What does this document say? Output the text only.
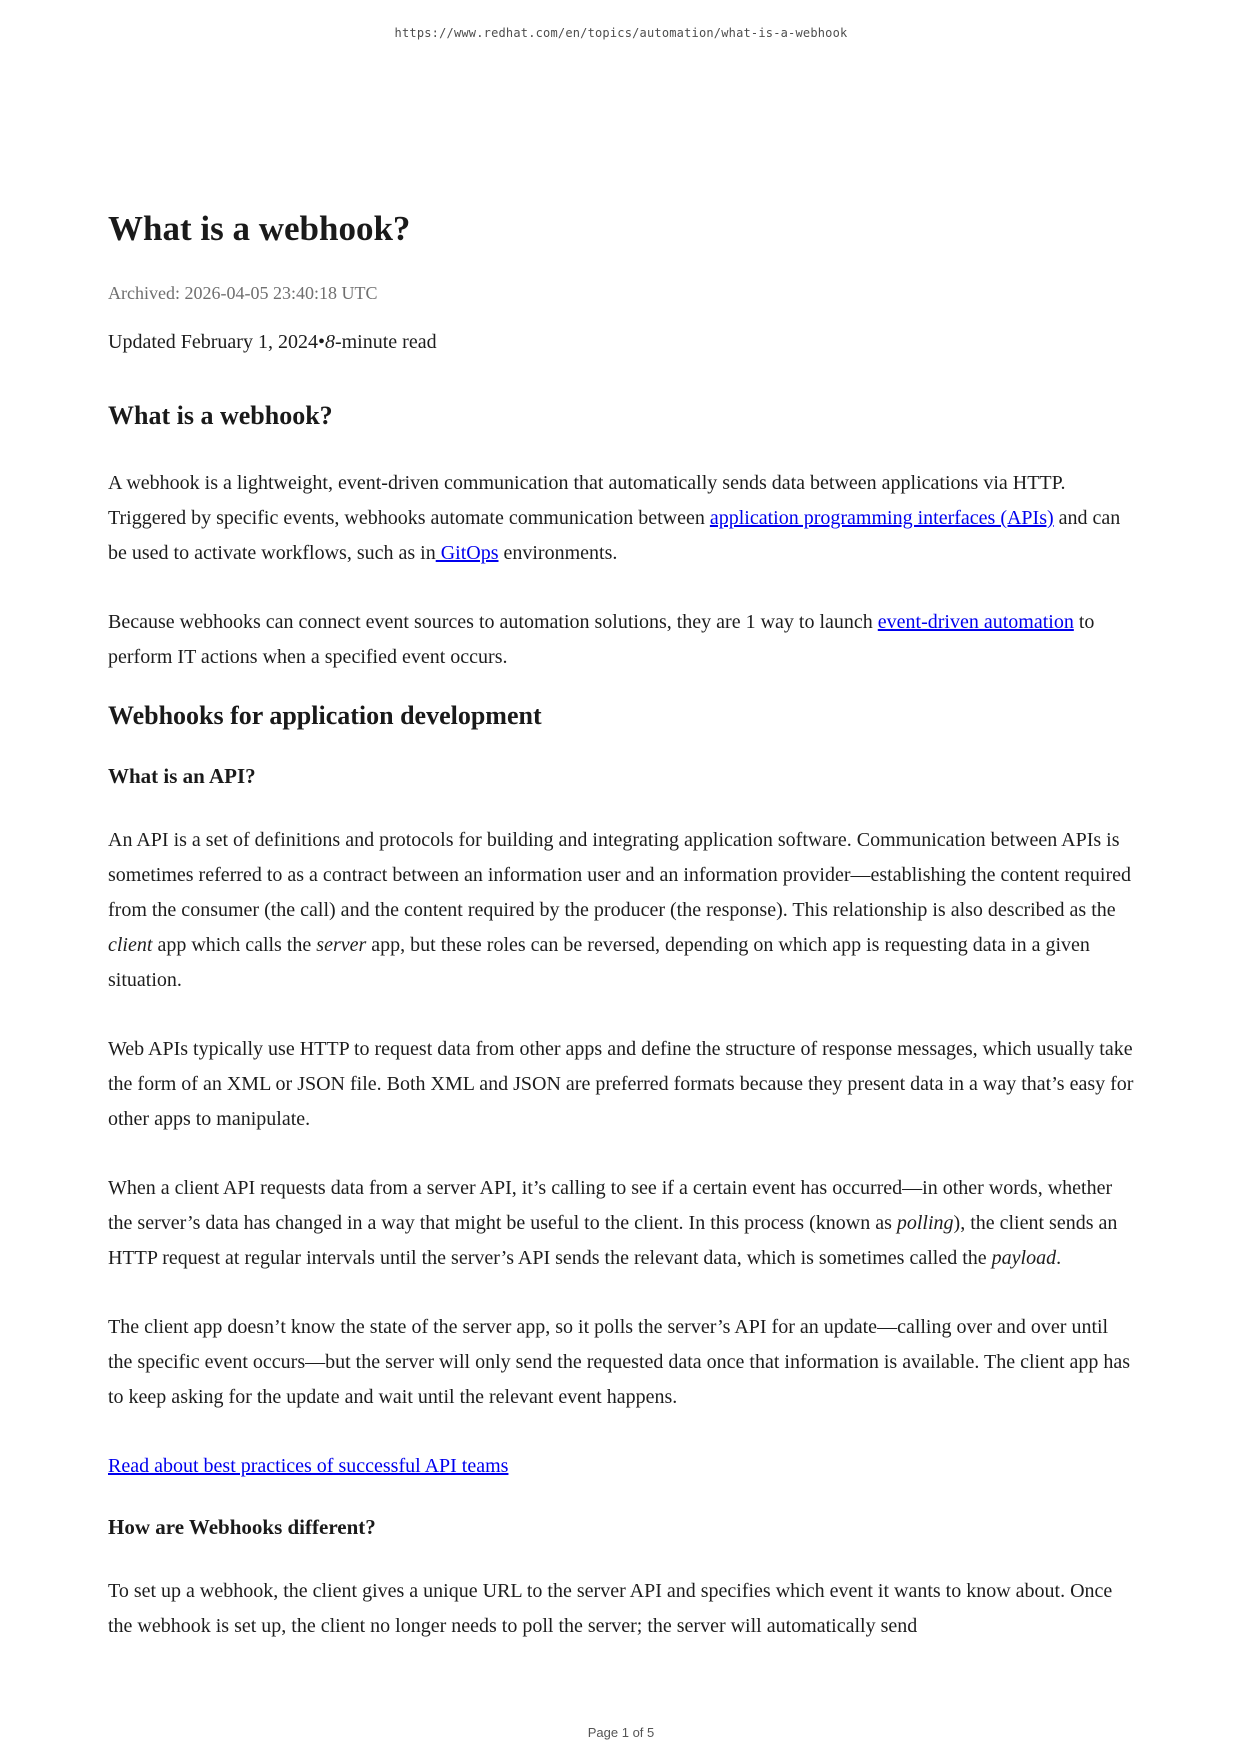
https://www.redhat.com/en/topics/automation/what-is-a-webhook
What is a webhook?

Archived: 2026-04-05 23:40:18 UTC

Updated February 1, 2024•8-minute read

What is a webhook?

A webhook is a lightweight, event-driven communication that automatically sends data between applications via HTTP. Triggered by specific events, webhooks automate communication between application programming interfaces (APIs) and can be used to activate workflows, such as in GitOps environments.

Because webhooks can connect event sources to automation solutions, they are 1 way to launch event-driven automation to perform IT actions when a specified event occurs.

Webhooks for application development
What is an API?

An API is a set of definitions and protocols for building and integrating application software. Communication between APIs is sometimes referred to as a contract between an information user and an information provider—establishing the content required from the consumer (the call) and the content required by the producer (the response). This relationship is also described as the client app which calls the server app, but these roles can be reversed, depending on which app is requesting data in a given situation.

Web APIs typically use HTTP to request data from other apps and define the structure of response messages, which usually take the form of an XML or JSON file. Both XML and JSON are preferred formats because they present data in a way that’s easy for other apps to manipulate.

When a client API requests data from a server API, it’s calling to see if a certain event has occurred—in other words, whether the server’s data has changed in a way that might be useful to the client. In this process (known as polling), the client sends an HTTP request at regular intervals until the server’s API sends the relevant data, which is sometimes called the payload.

The client app doesn’t know the state of the server app, so it polls the server’s API for an update—calling over and over until the specific event occurs—but the server will only send the requested data once that information is available. The client app has to keep asking for the update and wait until the relevant event happens.

Read about best practices of successful API teams

How are Webhooks different?

To set up a webhook, the client gives a unique URL to the server API and specifies which event it wants to know about. Once the webhook is set up, the client no longer needs to poll the server; the server will automatically send

Page 1 of 5
